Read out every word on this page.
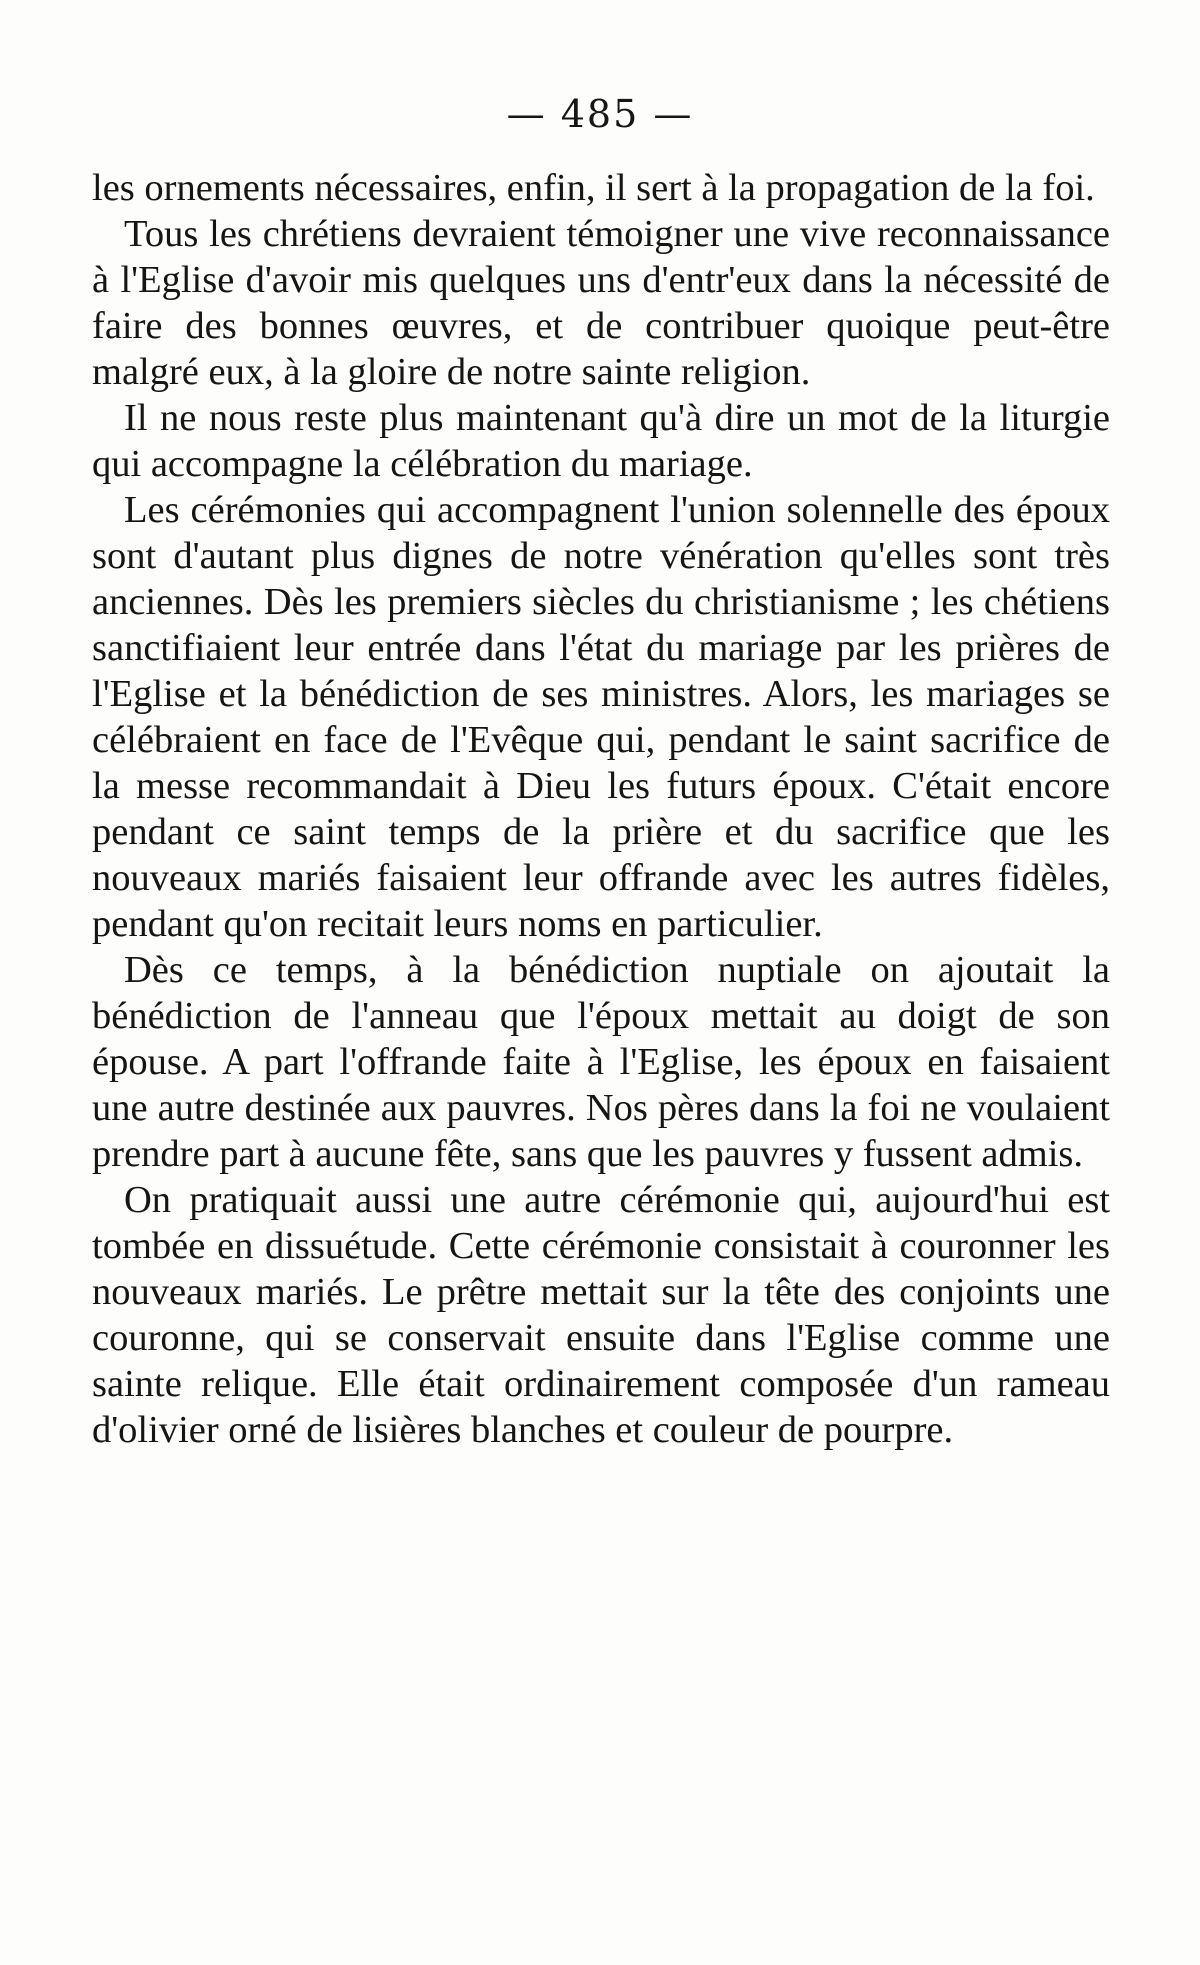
— 485 —

les ornements nécessaires, enfin, il sert à la propagation de la foi.

Tous les chrétiens devraient témoigner une vive reconnaissance à l'Eglise d'avoir mis quelques uns d'entr'eux dans la nécessité de faire des bonnes œuvres, et de contribuer quoique peut-être malgré eux, à la gloire de notre sainte religion.

Il ne nous reste plus maintenant qu'à dire un mot de la liturgie qui accompagne la célébration du mariage.

Les cérémonies qui accompagnent l'union solennelle des époux sont d'autant plus dignes de notre vénération qu'elles sont très anciennes. Dès les premiers siècles du christianisme ; les chétiens sanctifiaient leur entrée dans l'état du mariage par les prières de l'Eglise et la bénédiction de ses ministres. Alors, les mariages se célébraient en face de l'Evêque qui, pendant le saint sacrifice de la messe recommandait à Dieu les futurs époux. C'était encore pendant ce saint temps de la prière et du sacrifice que les nouveaux mariés faisaient leur offrande avec les autres fidèles, pendant qu'on recitait leurs noms en particulier.

Dès ce temps, à la bénédiction nuptiale on ajoutait la bénédiction de l'anneau que l'époux mettait au doigt de son épouse. A part l'offrande faite à l'Eglise, les époux en faisaient une autre destinée aux pauvres. Nos pères dans la foi ne voulaient prendre part à aucune fête, sans que les pauvres y fussent admis.

On pratiquait aussi une autre cérémonie qui, aujourd'hui est tombée en dissuétude. Cette cérémonie consistait à couronner les nouveaux mariés. Le prêtre mettait sur la tête des conjoints une couronne, qui se conservait ensuite dans l'Eglise comme une sainte relique. Elle était ordinairement composée d'un rameau d'olivier orné de lisières blanches et couleur de pourpre.
